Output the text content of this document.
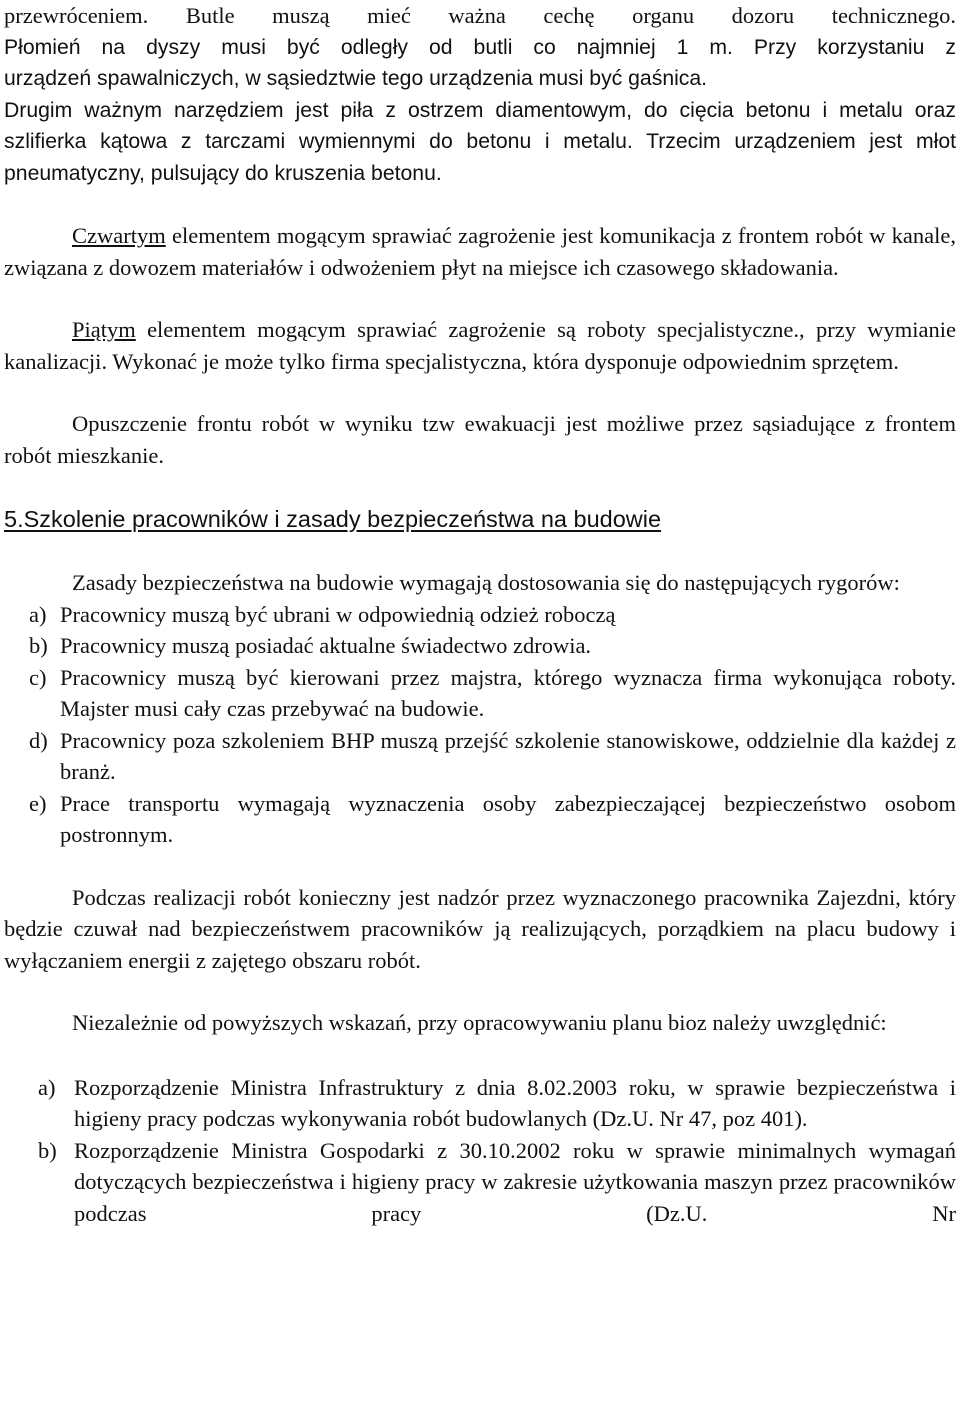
przewróceniem. Butle muszą mieć ważna cechę organu dozoru technicznego.

Płomień na dyszy musi być odległy od butli co najmniej 1 m. Przy korzystaniu z

urządzeń spawalniczych, w sąsiedztwie tego urządzenia musi być gaśnica.

Drugim ważnym narzędziem jest piła z ostrzem diamentowym, do cięcia betonu i metalu oraz szlifierka kątowa z tarczami wymiennymi do betonu i metalu. Trzecim urządzeniem jest młot pneumatyczny, pulsujący do kruszenia betonu.

Czwartym elementem mogącym sprawiać zagrożenie jest komunikacja z frontem robót w kanale, związana z dowozem materiałów i odwożeniem płyt na miejsce ich czasowego składowania.

Piątym elementem mogącym sprawiać zagrożenie są roboty specjalistyczne., przy wymianie kanalizacji. Wykonać je może tylko firma specjalistyczna, która dysponuje odpowiednim sprzętem.

Opuszczenie frontu robót w wyniku tzw ewakuacji jest możliwe przez sąsiadujące z frontem robót mieszkanie.

5.Szkolenie pracowników i zasady bezpieczeństwa na budowie

Zasady bezpieczeństwa na budowie wymagają dostosowania się do następujących rygorów:

a) Pracownicy muszą być ubrani w odpowiednią odzież roboczą
b) Pracownicy muszą posiadać aktualne świadectwo zdrowia.
c) Pracownicy muszą być kierowani przez majstra, którego wyznacza firma wykonująca roboty. Majster musi cały czas przebywać na budowie.
d) Pracownicy poza szkoleniem BHP muszą przejść szkolenie stanowiskowe, oddzielnie dla każdej z branż.
e) Prace transportu wymagają wyznaczenia osoby zabezpieczającej bezpieczeństwo osobom postronnym.

Podczas realizacji robót konieczny jest nadzór przez wyznaczonego pracownika Zajezdni, który będzie czuwał nad bezpieczeństwem pracowników ją realizujących, porządkiem na placu budowy i wyłączaniem energii z zajętego obszaru robót.

Niezależnie od powyższych wskazań, przy opracowywaniu planu bioz należy uwzględnić:

a) Rozporządzenie Ministra Infrastruktury z dnia 8.02.2003 roku, w sprawie bezpieczeństwa i higieny pracy podczas wykonywania robót budowlanych (Dz.U. Nr 47, poz 401).
b) Rozporządzenie Ministra Gospodarki z 30.10.2002 roku w sprawie minimalnych wymagań dotyczących bezpieczeństwa i higieny pracy w zakresie użytkowania maszyn przez pracowników podczas pracy (Dz.U. Nr
